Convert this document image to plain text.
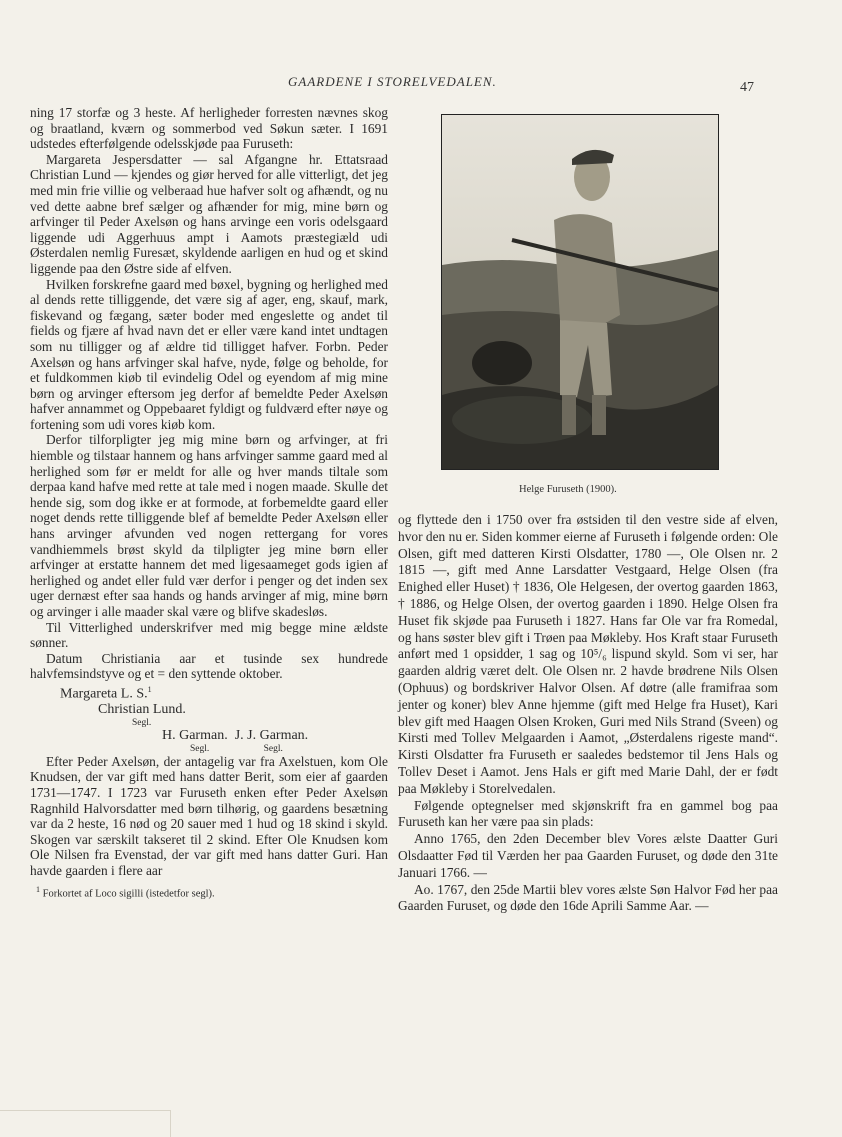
GAARDENE I STORELVEDALEN.	47

ning 17 storfæ og 3 heste. Af herligheder forresten nævnes skog og braatland, kværn og sommerbod ved Søkun sæter. I 1691 udstedes efterfølgende odelsskjøde paa Furuseth:

Margareta Jespersdatter — sal Afgangne hr. Ettatsraad Christian Lund — kjendes og giør herved for alle vitterligt, det jeg med min frie villie og velberaad hue hafver solt og afhændt, og nu ved dette aabne bref sælger og afhænder for mig, mine børn og arfvinger til Peder Axelsøn og hans arvinge een voris odelsgaard liggende udi Aggerhuus ampt i Aamots præstegiæld udi Østerdalen nemlig Furesæt, skyldende aarligen en hud og et skind liggende paa den Østre side af elfven.

Hvilken forskrefne gaard med bøxel, bygning og herlighed med al dends rette tilliggende, det være sig af ager, eng, skauf, mark, fiskevand og fægang, sæter boder med engeslette og andet til fields og fjære af hvad navn det er eller være kand intet undtagen som nu tilligger og af ældre tid tilligget hafver. Forbn. Peder Axelsøn og hans arfvinger skal hafve, nyde, følge og beholde, for et fuldkommen kiøb til evindelig Odel og eyendom af mig mine børn og arvinger eftersom jeg derfor af bemeldte Peder Axelsøn hafver annammet og Oppebaaret fyldigt og fuldværd efter nøye og fortening som udi vores kiøb kom.

Derfor tilforpligter jeg mig mine børn og arfvinger, at fri hiemble og tilstaar hannem og hans arfvinger samme gaard med al herlighed som før er meldt for alle og hver mands tiltale som derpaa kand hafve med rette at tale med i nogen maade. Skulle det hende sig, som dog ikke er at formode, at forbemeldte gaard eller noget dends rette tilliggende blef af bemeldte Peder Axelsøn eller hans arvinger afvunden ved nogen rettergang for vores vandhiemmels brøst skyld da tilpligter jeg mine børn eller arfvinger at erstatte hannem det med ligesaameget gods igien af herlighed og andet eller fuld vær derfor i penger og det inden sex uger dernæst efter saa hands og hands arvinger af mig, mine børn og arvinger i alle maader skal være og blifve skadesløs.

Til Vitterlighed underskrifver med mig begge mine ældste sønner.

Datum Christiania aar et tusinde sex hundrede halvfemsindstyve og et = den syttende oktober.

Margareta L. S.$^1$
Christian Lund.
Segl.
H. Garman.  J. J. Garman.
Segl. Segl.

Efter Peder Axelsøn, der antagelig var fra Axelstuen, kom Ole Knudsen, der var gift med hans datter Berit, som eier af gaarden 1731—1747. I 1723 var Furuseth enken efter Peder Axelsøn Ragnhild Halvorsdatter med børn tilhørig, og gaardens besætning var da 2 heste, 16 nød og 20 sauer med 1 hud og 18 skind i skyld. Skogen var særskilt takseret til 2 skind. Efter Ole Knudsen kom Ole Nilsen fra Evenstad, der var gift med hans datter Guri. Han havde gaarden i flere aar

$^1$ Forkortet af Loco sigilli (istedetfor segl).
Helge Furuseth (1900).

og flyttede den i 1750 over fra østsiden til den vestre side af elven, hvor den nu er. Siden kommer eierne af Furuseth i følgende orden: Ole Olsen, gift med datteren Kirsti Olsdatter, 1780 —, Ole Olsen nr. 2 1815 —, gift med Anne Larsdatter Vestgaard, Helge Olsen (fra Enighed eller Huset) † 1836, Ole Helgesen, der overtog gaarden 1863, † 1886, og Helge Olsen, der overtog gaarden i 1890. Helge Olsen fra Huset fik skjøde paa Furuseth i 1827. Hans far Ole var fra Romedal, og hans søster blev gift i Trøen paa Møkleby. Hos Kraft staar Furuseth anført med 1 opsidder, 1 sag og 10⁵/₆ lispund skyld. Som vi ser, har gaarden aldrig været delt. Ole Olsen nr. 2 havde brødrene Nils Olsen (Ophuus) og bordskriver Halvor Olsen. Af døtre (alle framifraa som jenter og koner) blev Anne hjemme (gift med Helge fra Huset), Kari blev gift med Haagen Olsen Kroken, Guri med Nils Strand (Sveen) og Kirsti med Tollev Melgaarden i Aamot, „Østerdalens rigeste mand“. Kirsti Olsdatter fra Furuseth er saaledes bedstemor til Jens Hals og Tollev Deset i Aamot. Jens Hals er gift med Marie Dahl, der er født paa Møkleby i Storelvedalen.

Følgende optegnelser med skjønskrift fra en gammel bog paa Furuseth kan her være paa sin plads:

Anno 1765, den 2den December blev Vores ælste Daatter Guri Olsdaatter Fød til Værden her paa Gaarden Furuset, og døde den 31te Januari 1766. —

Ao. 1767, den 25de Martii blev vores ælste Søn Halvor Fød her paa Gaarden Furuset, og døde den 16de Aprili Samme Aar. —
